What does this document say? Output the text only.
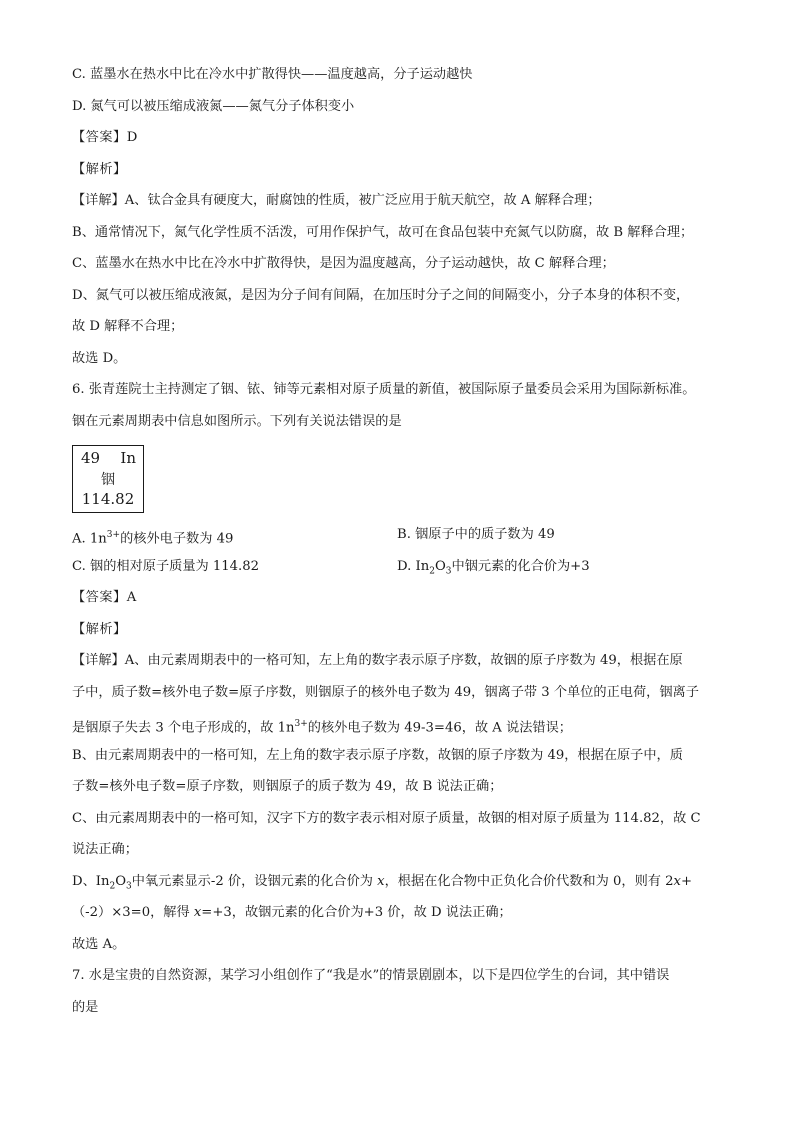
C. 蓝墨水在热水中比在冷水中扩散得快——温度越高，分子运动越快
D. 氮气可以被压缩成液氮——氮气分子体积变小
【答案】D
【解析】
【详解】A、钛合金具有硬度大，耐腐蚀的性质，被广泛应用于航天航空，故 A 解释合理；
B、通常情况下，氮气化学性质不活泼，可用作保护气，故可在食品包装中充氮气以防腐，故 B 解释合理；
C、蓝墨水在热水中比在冷水中扩散得快，是因为温度越高，分子运动越快，故 C 解释合理；
D、氮气可以被压缩成液氮，是因为分子间有间隔，在加压时分子之间的间隔变小，分子本身的体积不变，
故 D 解释不合理；
故选 D。
6. 张青莲院士主持测定了铟、铱、铈等元素相对原子质量的新值，被国际原子量委员会采用为国际新标准。
铟在元素周期表中信息如图所示。下列有关说法错误的是
49 In
铟
114.82
A. $1n^{3+}$的核外电子数为 49	B. 铟原子中的质子数为 49
C. 铟的相对原子质量为 114.82	D. $In_2O_3$中铟元素的化合价为+3
【答案】A
【解析】
【详解】A、由元素周期表中的一格可知，左上角的数字表示原子序数，故铟的原子序数为 49，根据在原
子中，质子数=核外电子数=原子序数，则铟原子的核外电子数为 49，铟离子带 3 个单位的正电荷，铟离子
是铟原子失去 3 个电子形成的，故 $1n^{3+}$的核外电子数为 49-3=46，故 A 说法错误；
B、由元素周期表中的一格可知，左上角的数字表示原子序数，故铟的原子序数为 49，根据在原子中，质
子数=核外电子数=原子序数，则铟原子的质子数为 49，故 B 说法正确；
C、由元素周期表中的一格可知，汉字下方的数字表示相对原子质量，故铟的相对原子质量为 114.82，故 C
说法正确；
D、$In_2O_3$中氧元素显示-2 价，设铟元素的化合价为 x，根据在化合物中正负化合价代数和为 0，则有 2x+
（-2）×3=0，解得 x=+3，故铟元素的化合价为+3 价，故 D 说法正确；
故选 A。
7. 水是宝贵的自然资源，某学习小组创作了“我是水”的情景剧剧本，以下是四位学生的台词，其中错误
的是
